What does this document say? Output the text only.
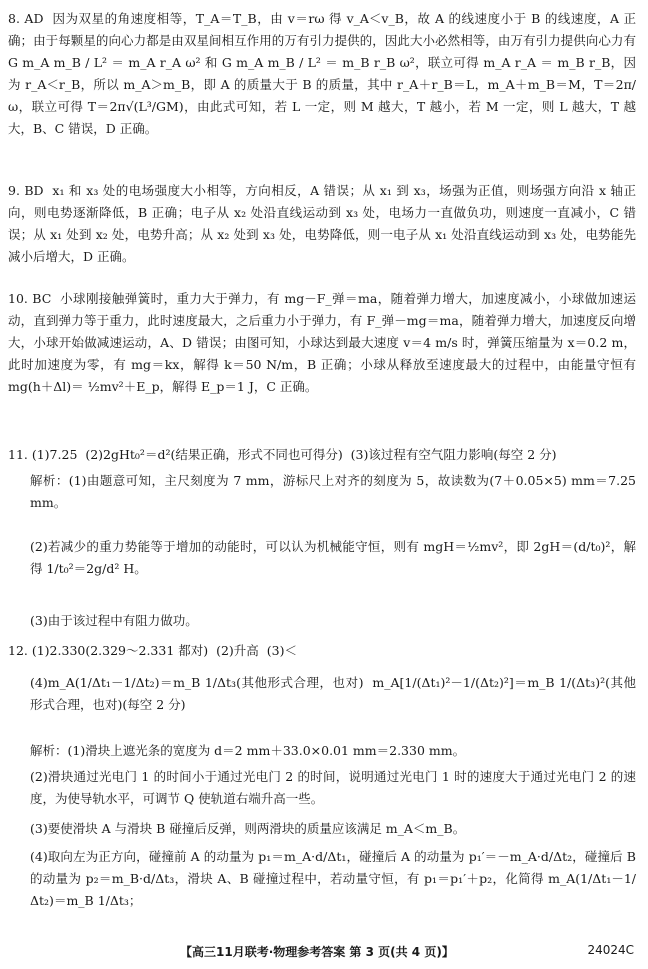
8. AD  因为双星的角速度相等，T_A＝T_B，由 v＝rω 得 v_A＜v_B，故 A 的线速度小于 B 的线速度，A 正确；由于每颗星的向心力都是由双星间相互作用的万有引力提供的，因此大小必然相等，由万有引力提供向心力有 G m_A m_B / L² ＝ m_A r_A ω² 和 G m_A m_B / L² ＝ m_B r_B ω²，联立可得 m_A r_A ＝ m_B r_B，因为 r_A＜r_B，所以 m_A＞m_B，即 A 的质量大于 B 的质量，其中 r_A＋r_B＝L，m_A＋m_B＝M，T＝2π/ω，联立可得 T＝2π√(L³/GM)，由此式可知，若 L 一定，则 M 越大，T 越小，若 M 一定，则 L 越大，T 越大，B、C 错误，D 正确。
9. BD  x₁ 和 x₃ 处的电场强度大小相等，方向相反，A 错误；从 x₁ 到 x₃，场强为正值，则场强方向沿 x 轴正向，则电势逐渐降低，B 正确；电子从 x₂ 处沿直线运动到 x₃ 处，电场力一直做负功，则速度一直减小，C 错误；从 x₁ 处到 x₂ 处，电势升高；从 x₂ 处到 x₃ 处，电势降低，则一电子从 x₁ 处沿直线运动到 x₃ 处，电势能先减小后增大，D 正确。
10. BC  小球刚接触弹簧时，重力大于弹力，有 mg－F_弹＝ma，随着弹力增大，加速度减小，小球做加速运动，直到弹力等于重力，此时速度最大，之后重力小于弹力，有 F_弹－mg＝ma，随着弹力增大，加速度反向增大，小球开始做减速运动，A、D 错误；由图可知，小球达到最大速度 v＝4 m/s 时，弹簧压缩量为 x＝0.2 m，此时加速度为零，有 mg＝kx，解得 k＝50 N/m，B 正确；小球从释放至速度最大的过程中，由能量守恒有 mg(h＋Δl)＝ ½mv²＋E_p，解得 E_p＝1 J，C 正确。
11. (1)7.25  (2)2gHt₀²＝d²(结果正确，形式不同也可得分)  (3)该过程有空气阻力影响(每空 2 分)
解析：(1)由题意可知，主尺刻度为 7 mm，游标尺上对齐的刻度为 5，故读数为(7＋0.05×5) mm＝7.25 mm。
(2)若减少的重力势能等于增加的动能时，可以认为机械能守恒，则有 mgH＝½mv²，即 2gH＝(d/t₀)²，解得 1/t₀²＝2g/d² H。
(3)由于该过程中有阻力做功。
12. (1)2.330(2.329～2.331 都对)  (2)升高  (3)＜
(4)m_A(1/Δt₁－1/Δt₂)＝m_B 1/Δt₃(其他形式合理，也对)  m_A[1/(Δt₁)²－1/(Δt₂)²]＝m_B 1/(Δt₃)²(其他形式合理，也对)(每空 2 分)
解析：(1)滑块上遮光条的宽度为 d＝2 mm＋33.0×0.01 mm＝2.330 mm。
(2)滑块通过光电门 1 的时间小于通过光电门 2 的时间，说明通过光电门 1 时的速度大于通过光电门 2 的速度，为使导轨水平，可调节 Q 使轨道右端升高一些。
(3)要使滑块 A 与滑块 B 碰撞后反弹，则两滑块的质量应该满足 m_A＜m_B。
(4)取向左为正方向，碰撞前 A 的动量为 p₁＝m_A·d/Δt₁，碰撞后 A 的动量为 p₁′＝－m_A·d/Δt₂，碰撞后 B 的动量为 p₂＝m_B·d/Δt₃，滑块 A、B 碰撞过程中，若动量守恒，有 p₁＝p₁′＋p₂，化简得 m_A(1/Δt₁－1/Δt₂)＝m_B 1/Δt₃；
【高三11月联考·物理参考答案 第 3 页(共 4 页)】	24024C
